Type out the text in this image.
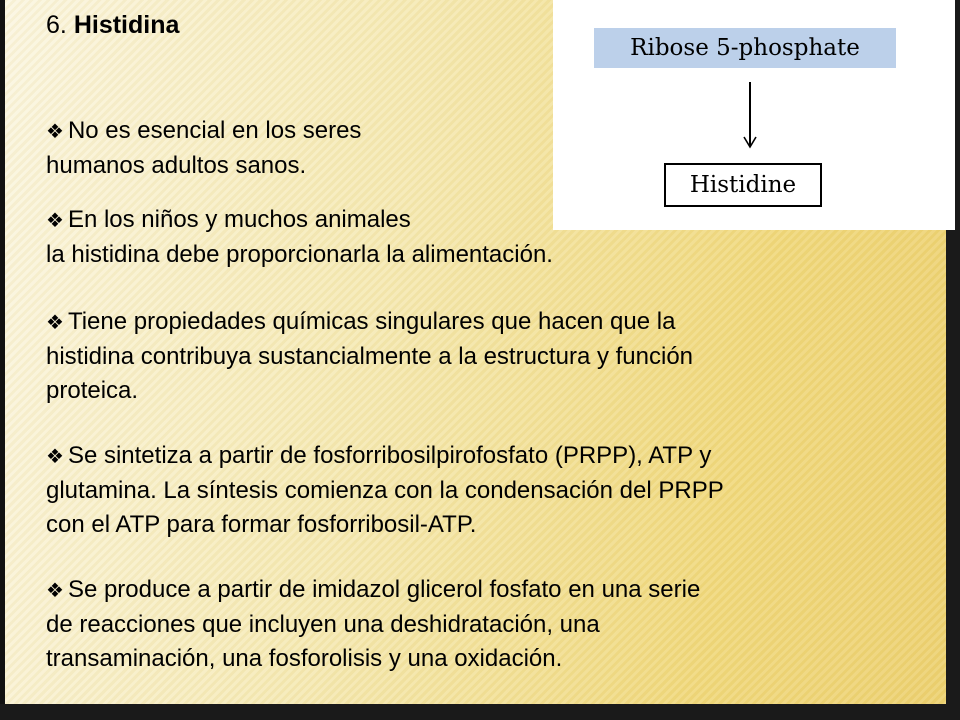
6. Histidina
Ribose 5-phosphate
Histidine
❖ No es esencial en los seres
humanos adultos sanos.
❖ En los niños y muchos animales
la histidina debe proporcionarla la alimentación.
❖ Tiene propiedades químicas singulares que hacen que la
histidina contribuya sustancialmente a la estructura y función
proteica.
❖ Se sintetiza a partir de fosforribosilpirofosfato (PRPP), ATP y
glutamina. La síntesis comienza con la condensación del PRPP
con el ATP para formar fosforribosil-ATP.
❖ Se produce a partir de imidazol glicerol fosfato en una serie
de reacciones que incluyen una deshidratación, una
transaminación, una fosforolisis y una oxidación.
